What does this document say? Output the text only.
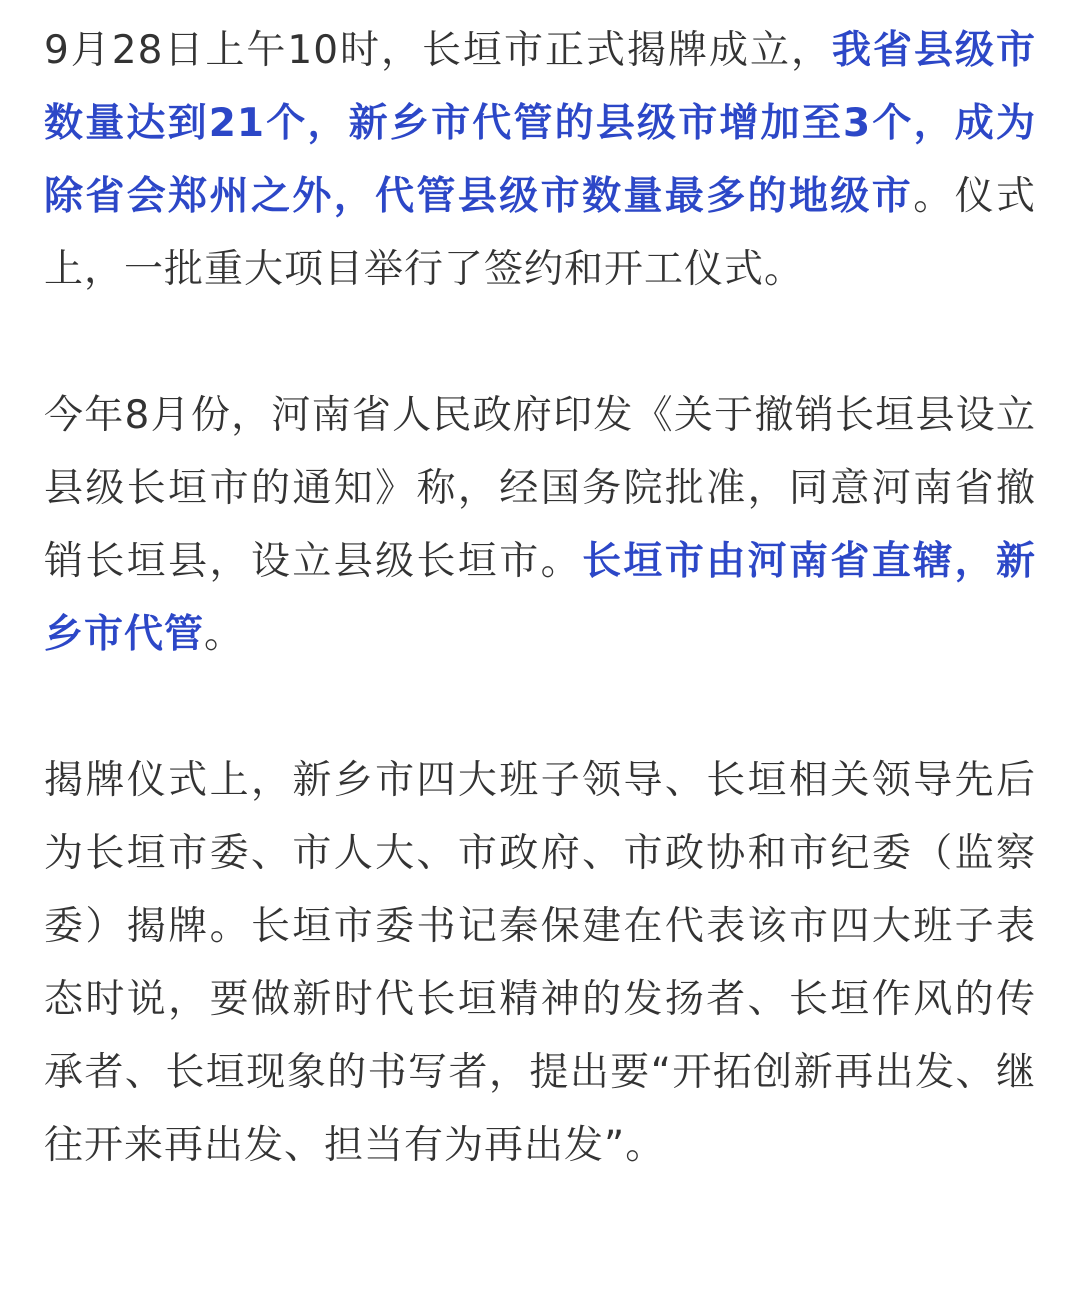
9月28日上午10时，长垣市正式揭牌成立，我省县级市数量达到21个，新乡市代管的县级市增加至3个，成为除省会郑州之外，代管县级市数量最多的地级市。仪式上，一批重大项目举行了签约和开工仪式。

今年8月份，河南省人民政府印发《关于撤销长垣县设立县级长垣市的通知》称，经国务院批准，同意河南省撤销长垣县，设立县级长垣市。长垣市由河南省直辖，新乡市代管。

揭牌仪式上，新乡市四大班子领导、长垣相关领导先后为长垣市委、市人大、市政府、市政协和市纪委（监察委）揭牌。长垣市委书记秦保建在代表该市四大班子表态时说，要做新时代长垣精神的发扬者、长垣作风的传承者、长垣现象的书写者，提出要“开拓创新再出发、继往开来再出发、担当有为再出发”。
